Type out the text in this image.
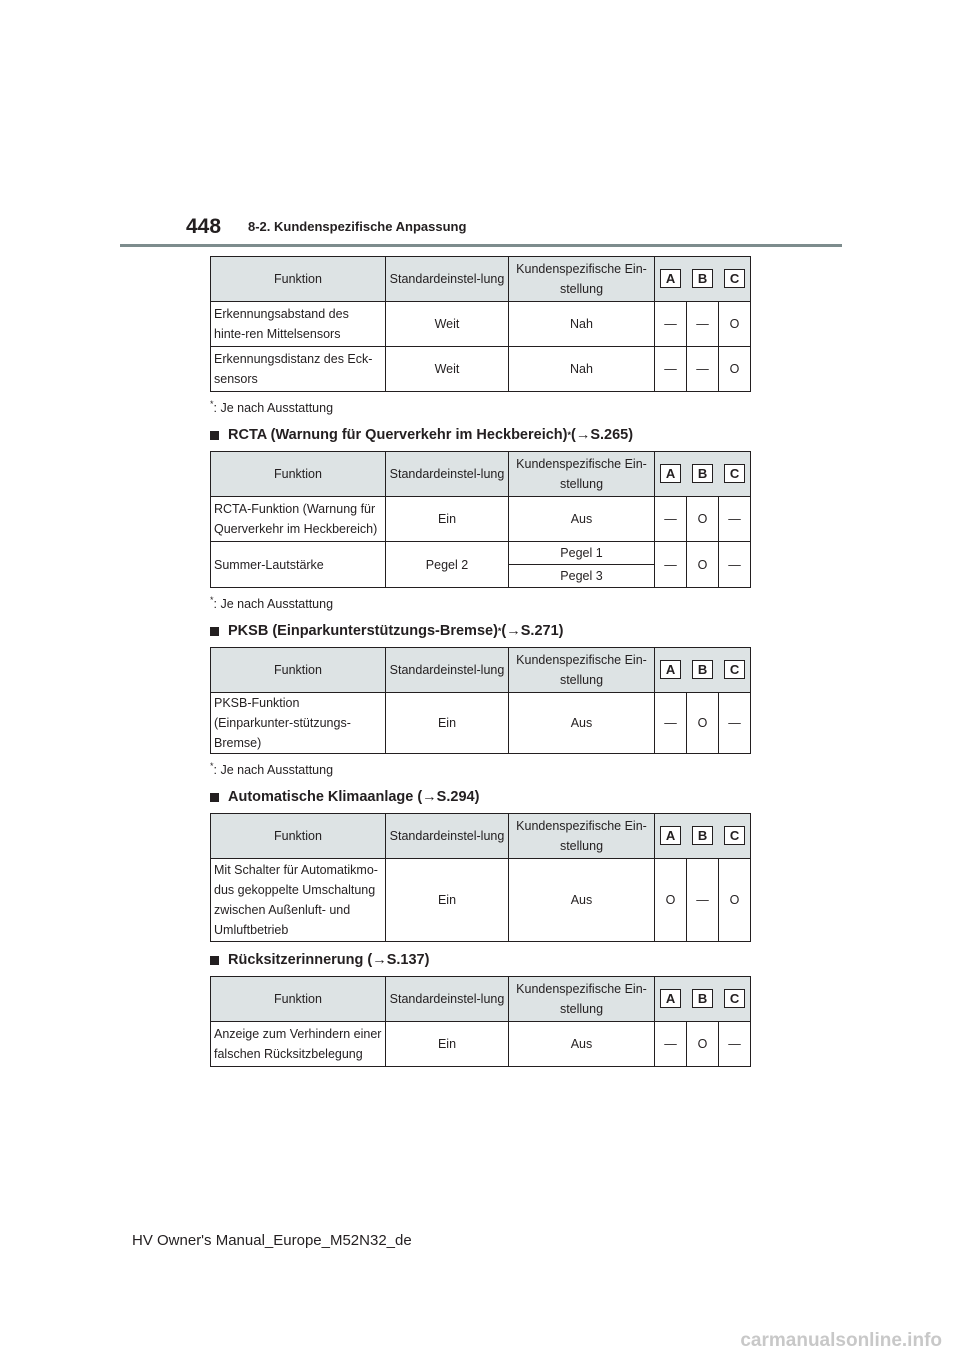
448 8-2. Kundenspezifische Anpassung
Funktion	Standardeinstel-lung	Kundenspezifische Ein-stellung	A B C		

Erkennungsabstand des hinte-ren Mittelsensors	Weit	Nah	—	—	O
Erkennungsdistanz des Eck-sensors	Weit	Nah	—	—	O
*: Je nach Ausstattung
RCTA (Warnung für Querverkehr im Heckbereich) * (→S.265)
Funktion	Standardeinstel-lung	Kundenspezifische Ein-stellung	A B C		

RCTA-Funktion (Warnung für Querverkehr im Heckbereich)	Ein	Aus	—	O	—
Summer-Lautstärke	Pegel 2	Pegel 1	—	O	—
		Pegel 3			
*: Je nach Ausstattung
PKSB (Einparkunterstützungs-Bremse) * (→S.271)
Funktion	Standardeinstel-lung	Kundenspezifische Ein-stellung	A B C		

PKSB-Funktion (Einparkunter-stützungs-Bremse)	Ein	Aus	—	O	—
*: Je nach Ausstattung
Automatische Klimaanlage (→S.294)
Funktion	Standardeinstel-lung	Kundenspezifische Ein-stellung	A B C		

Mit Schalter für Automatikmo-dus gekoppelte Umschaltung zwischen Außenluft- und Umluftbetrieb	Ein	Aus	O	—	O
Rücksitzerinnerung (→S.137)
Funktion	Standardeinstel-lung	Kundenspezifische Ein-stellung	A B C		

Anzeige zum Verhindern einer falschen Rücksitzbelegung	Ein	Aus	—	O	—
HV Owner's Manual_Europe_M52N32_de
carmanualsonline.info
